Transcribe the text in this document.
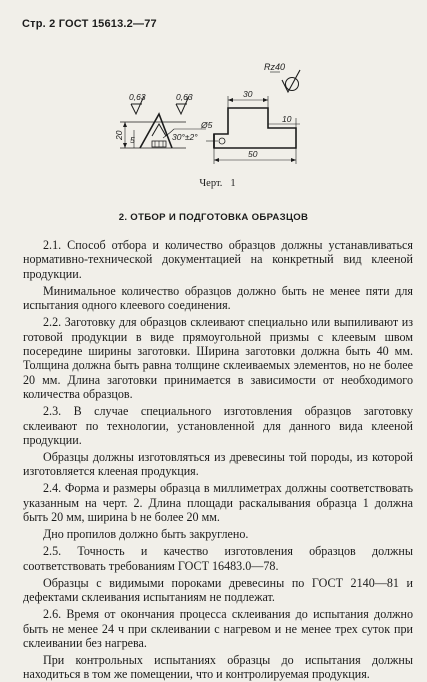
Стр. 2 ГОСТ 15613.2—77
Rz40
0,63	0,63
20 5	30°±2°
Ø5
30
10
50
Черт. 1
2. ОТБОР И ПОДГОТОВКА ОБРАЗЦОВ

2.1. Способ отбора и количество образцов должны устанавливаться нормативно-технической документацией на конкретный вид клееной продукции.

Минимальное количество образцов должно быть не менее пяти для испытания одного клеевого соединения.

2.2. Заготовку для образцов склеивают специально или выпиливают из готовой продукции в виде прямоугольной призмы с клеевым швом посередине ширины заготовки. Ширина заготовки должна быть 40 мм. Толщина должна быть равна толщине склеиваемых элементов, но не более 20 мм. Длина заготовки принимается в зависимости от необходимого количества образцов.

2.3. В случае специального изготовления образцов заготовку склеивают по технологии, установленной для данного вида клееной продукции.

Образцы должны изготовляться из древесины той породы, из которой изготовляется клееная продукция.

2.4. Форма и размеры образца в миллиметрах должны соответствовать указанным на черт. 2. Длина площади раскалывания образца 1 должна быть 20 мм, ширина b не более 20 мм.

Дно пропилов должно быть закруглено.

2.5. Точность и качество изготовления образцов должны соответствовать требованиям ГОСТ 16483.0—78.

Образцы с видимыми пороками древесины по ГОСТ 2140—81 и дефектами склеивания испытаниям не подлежат.

2.6. Время от окончания процесса склеивания до испытания должно быть не менее 24 ч при склеивании с нагревом и не менее трех суток при склеивании без нагрева.

При контрольных испытаниях образцы до испытания должны находиться в том же помещении, что и контролируемая продукция.
